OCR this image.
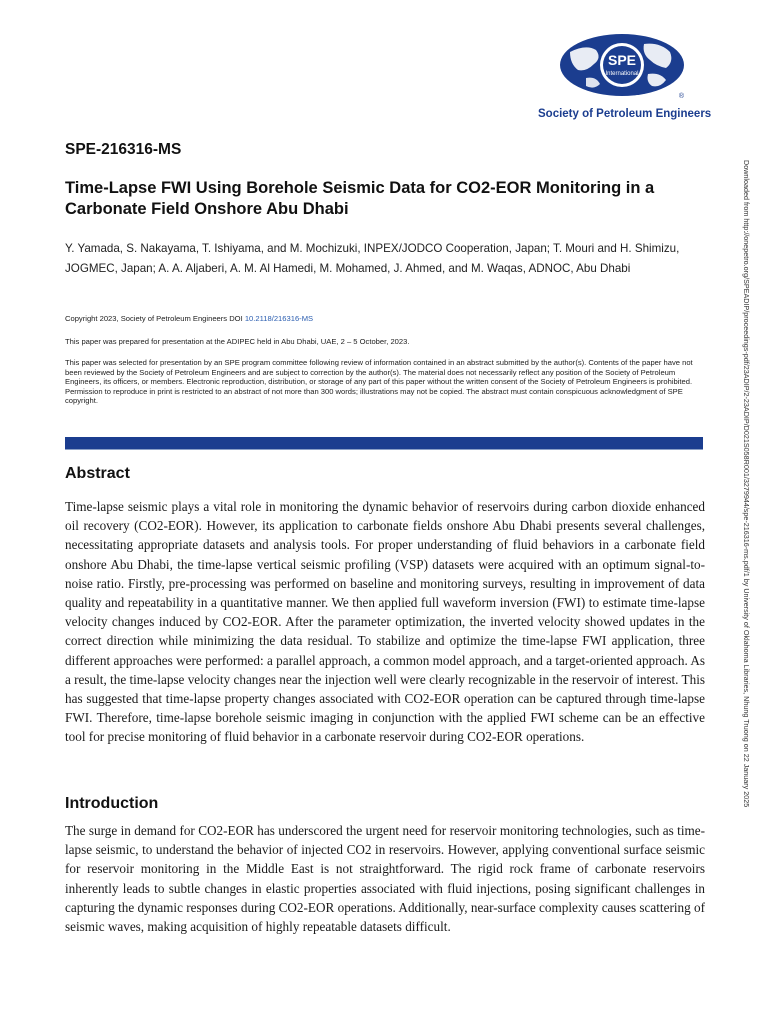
SPE
International
®
Society of Petroleum Engineers
SPE-216316-MS
Time-Lapse FWI Using Borehole Seismic Data for CO2-EOR Monitoring in a Carbonate Field Onshore Abu Dhabi

Y. Yamada, S. Nakayama, T. Ishiyama, and M. Mochizuki, INPEX/JODCO Cooperation, Japan; T. Mouri and H. Shimizu, JOGMEC, Japan; A. A. Aljaberi, A. M. Al Hamedi, M. Mohamed, J. Ahmed, and M. Waqas, ADNOC, Abu Dhabi

Copyright 2023, Society of Petroleum Engineers DOI 10.2118/216316-MS

This paper was prepared for presentation at the ADIPEC held in Abu Dhabi, UAE, 2 – 5 October, 2023.

This paper was selected for presentation by an SPE program committee following review of information contained in an abstract submitted by the author(s). Contents of the paper have not been reviewed by the Society of Petroleum Engineers and are subject to correction by the author(s). The material does not necessarily reflect any position of the Society of Petroleum Engineers, its officers, or members. Electronic reproduction, distribution, or storage of any part of this paper without the written consent of the Society of Petroleum Engineers is prohibited. Permission to reproduce in print is restricted to an abstract of not more than 300 words; illustrations may not be copied. The abstract must contain conspicuous acknowledgment of SPE copyright.

Abstract

Time-lapse seismic plays a vital role in monitoring the dynamic behavior of reservoirs during carbon dioxide enhanced oil recovery (CO2-EOR). However, its application to carbonate fields onshore Abu Dhabi presents several challenges, necessitating appropriate datasets and analysis tools. For proper understanding of fluid behaviors in a carbonate field onshore Abu Dhabi, the time-lapse vertical seismic profiling (VSP) datasets were acquired with an optimum signal-to-noise ratio. Firstly, pre-processing was performed on baseline and monitoring surveys, resulting in improvement of data quality and repeatability in a quantitative manner. We then applied full waveform inversion (FWI) to estimate time-lapse velocity changes induced by CO2-EOR. After the parameter optimization, the inverted velocity showed updates in the correct direction while minimizing the data residual. To stabilize and optimize the time-lapse FWI application, three different approaches were performed: a parallel approach, a common model approach, and a target-oriented approach. As a result, the time-lapse velocity changes near the injection well were clearly recognizable in the reservoir of interest. This has suggested that time-lapse property changes associated with CO2-EOR operation can be captured through time-lapse FWI. Therefore, time-lapse borehole seismic imaging in conjunction with the applied FWI scheme can be an effective tool for precise monitoring of fluid behavior in a carbonate reservoir during CO2-EOR operations.

Introduction

The surge in demand for CO2-EOR has underscored the urgent need for reservoir monitoring technologies, such as time-lapse seismic, to understand the behavior of injected CO2 in reservoirs. However, applying conventional surface seismic for reservoir monitoring in the Middle East is not straightforward. The rigid rock frame of carbonate reservoirs inherently leads to subtle changes in elastic properties associated with fluid injections, posing significant challenges in capturing the dynamic responses during CO2-EOR operations. Additionally, near-surface complexity causes scattering of seismic waves, making acquisition of highly repeatable datasets difficult.

Downloaded from http://onepetro.org/SPEADIP/proceedings-pdf/23ADIP/2-23ADIP/D021S058R001/3279944/spe-216316-ms.pdf/1 by University of Oklahoma Libraries, Nhung Truong on 22 January 2025
